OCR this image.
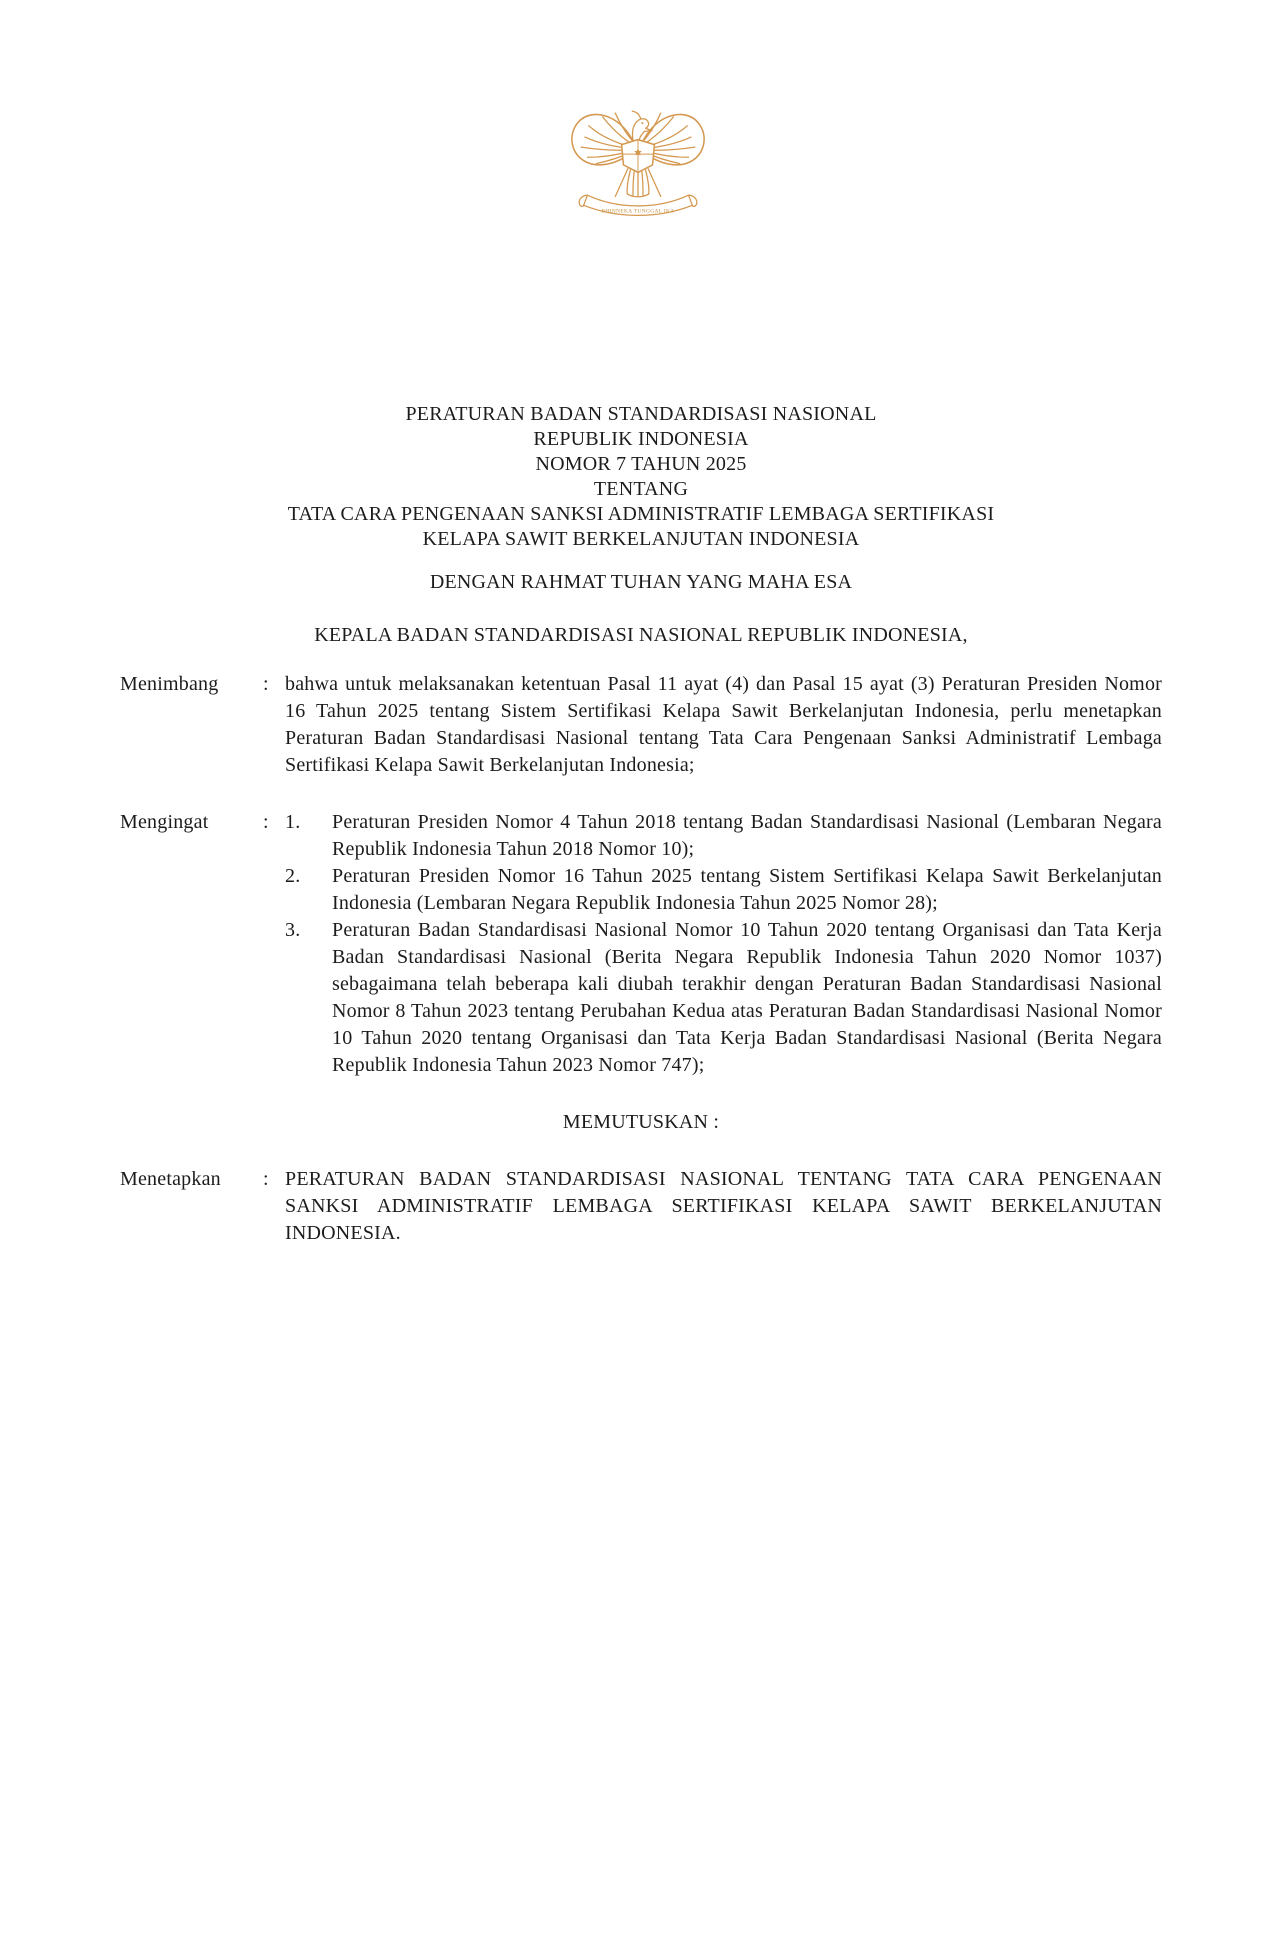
BHINNEKA TUNGGAL IKA
PERATURAN BADAN STANDARDISASI NASIONAL
REPUBLIK INDONESIA
NOMOR 7 TAHUN 2025
TENTANG
TATA CARA PENGENAAN SANKSI ADMINISTRATIF LEMBAGA SERTIFIKASI
KELAPA SAWIT BERKELANJUTAN INDONESIA
DENGAN RAHMAT TUHAN YANG MAHA ESA
KEPALA BADAN STANDARDISASI NASIONAL REPUBLIK INDONESIA,
Menimbang	: bahwa untuk melaksanakan ketentuan Pasal 11 ayat (4) dan Pasal 15 ayat (3) Peraturan Presiden Nomor 16 Tahun 2025 tentang Sistem Sertifikasi Kelapa Sawit Berkelanjutan Indonesia, perlu menetapkan Peraturan Badan Standardisasi Nasional tentang Tata Cara Pengenaan Sanksi Administratif Lembaga Sertifikasi Kelapa Sawit Berkelanjutan Indonesia;
Mengingat	: 1.	Peraturan Presiden Nomor 4 Tahun 2018 tentang Badan Standardisasi Nasional (Lembaran Negara Republik Indonesia Tahun 2018 Nomor 10);
2.	Peraturan Presiden Nomor 16 Tahun 2025 tentang Sistem Sertifikasi Kelapa Sawit Berkelanjutan Indonesia (Lembaran Negara Republik Indonesia Tahun 2025 Nomor 28);
3.	Peraturan Badan Standardisasi Nasional Nomor 10 Tahun 2020 tentang Organisasi dan Tata Kerja Badan Standardisasi Nasional (Berita Negara Republik Indonesia Tahun 2020 Nomor 1037) sebagaimana telah beberapa kali diubah terakhir dengan Peraturan Badan Standardisasi Nasional Nomor 8 Tahun 2023 tentang Perubahan Kedua atas Peraturan Badan Standardisasi Nasional Nomor 10 Tahun 2020 tentang Organisasi dan Tata Kerja Badan Standardisasi Nasional (Berita Negara Republik Indonesia Tahun 2023 Nomor 747);
MEMUTUSKAN :
Menetapkan	: PERATURAN BADAN STANDARDISASI NASIONAL TENTANG TATA CARA PENGENAAN SANKSI ADMINISTRATIF LEMBAGA SERTIFIKASI KELAPA SAWIT BERKELANJUTAN INDONESIA.
